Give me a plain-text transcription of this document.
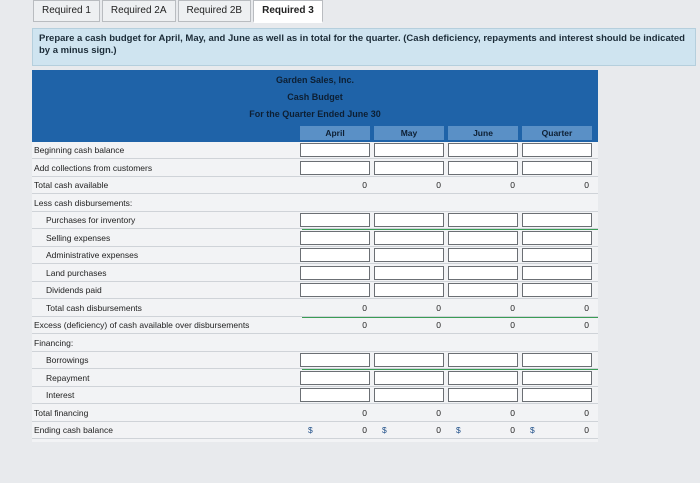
Required 1	Required 2A	Required 2B	Required 3
Prepare a cash budget for April, May, and June as well as in total for the quarter. (Cash deficiency, repayments and interest should be indicated by a minus sign.)
Garden Sales, Inc.
Cash Budget
For the Quarter Ended June 30
April	May	June	Quarter
Beginning cash balance
Add collections from customers
Total cash available	0	0	0	0
Less cash disbursements:
Purchases for inventory
Selling expenses
Administrative expenses
Land purchases
Dividends paid
Total cash disbursements	0	0	0	0
Excess (deficiency) of cash available over disbursements	0	0	0	0
Financing:
Borrowings
Repayment
Interest
Total financing	0	0	0	0
Ending cash balance	$	0 $	0 $	0 $	0
